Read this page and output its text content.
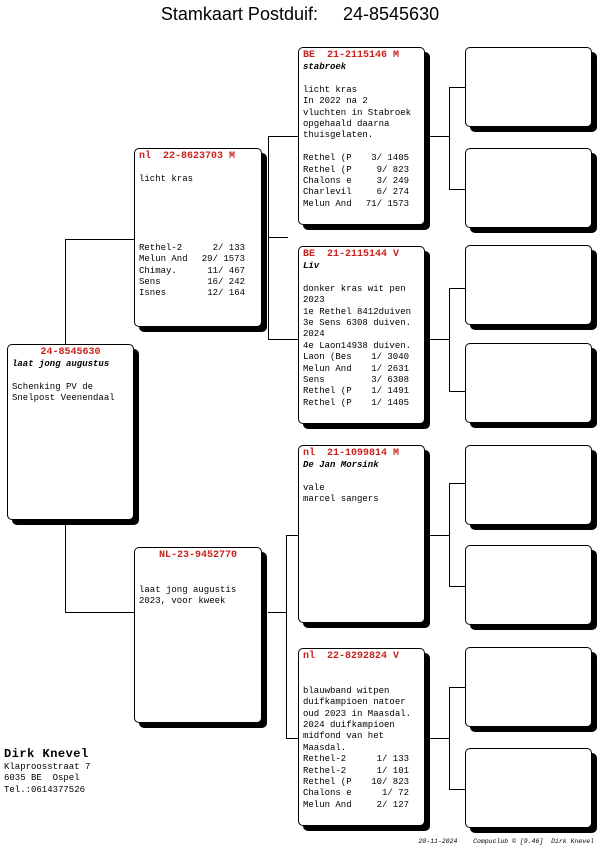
Stamkaart Postduif: 24-8545630
24-8545630
laat jong augustus
Schenking PV de
Snelpost Veenendaal
nl  22-8623703 M
licht kras
Rethel-2	2/ 133
Melun And	29/ 1573
Chimay.	11/ 467
Sens	16/ 242
Isnes	12/ 164
NL-23-9452770
laat jong augustis
2023, voor kweek
BE  21-2115146 M
stabroek
licht kras
In 2022 na 2
vluchten in Stabroek
opgehaald daarna
thuisgelaten.
Rethel (P	3/ 1405
Rethel (P	9/ 823
Chalons e	3/ 249
Charlevil	6/ 274
Melun And	71/ 1573
BE  21-2115144 V
Liv
donker kras wit pen
2023
1e Rethel 8412duiven
3e Sens 6308 duiven.
2024
4e Laon14938 duiven.
Laon (Bes	1/ 3040
Melun And	1/ 2631
Sens	3/ 6308
Rethel (P	1/ 1491
Rethel (P	1/ 1405
nl  21-1099814 M
De Jan Morsink
vale
marcel sangers
nl  22-8292824 V
blauwband witpen
duifkampioen natoer
oud 2023 in Maasdal.
2024 duifkampioen
midfond van het
Maasdal.
Rethel-2	1/ 133
Rethel-2	1/ 101
Rethel (P	10/ 823
Chalons e	1/ 72
Melun And	2/ 127
Dirk Knevel
Klaproosstraat 7
6035 BE  Ospel
Tel.:0614377526
20-11-2024 Compuclub © [9.46]  Dirk Knevel
